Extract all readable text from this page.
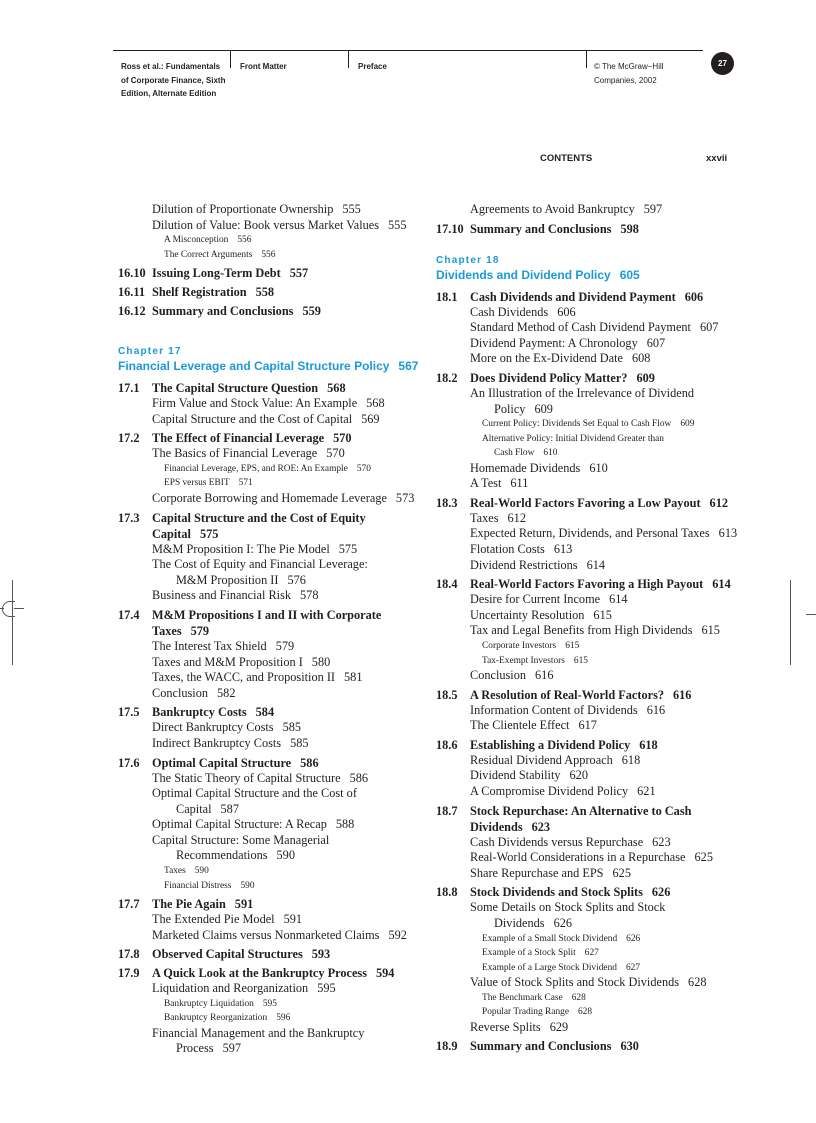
Ross et al.: Fundamentals
of Corporate Finance, Sixth
Edition, Alternate Edition
Front Matter	Preface	© The McGraw−Hill
Companies, 2002
27
CONTENTS	xxvii
Dilution of Proportionate Ownership 555
Dilution of Value: Book versus Market Values 555
A Misconception 556
The Correct Arguments 556
16.10 Issuing Long-Term Debt 557
16.11 Shelf Registration 558
16.12 Summary and Conclusions 559
Chapter 17
Financial Leverage and Capital Structure Policy 567
17.1 The Capital Structure Question 568
Firm Value and Stock Value: An Example 568
Capital Structure and the Cost of Capital 569
17.2 The Effect of Financial Leverage 570
The Basics of Financial Leverage 570
Financial Leverage, EPS, and ROE: An Example 570
EPS versus EBIT 571
Corporate Borrowing and Homemade Leverage 573
17.3 Capital Structure and the Cost of Equity
Capital 575
M&M Proposition I: The Pie Model 575
The Cost of Equity and Financial Leverage:
M&M Proposition II 576
Business and Financial Risk 578
17.4 M&M Propositions I and II with Corporate
Taxes 579
The Interest Tax Shield 579
Taxes and M&M Proposition I 580
Taxes, the WACC, and Proposition II 581
Conclusion 582
17.5 Bankruptcy Costs 584
Direct Bankruptcy Costs 585
Indirect Bankruptcy Costs 585
17.6 Optimal Capital Structure 586
The Static Theory of Capital Structure 586
Optimal Capital Structure and the Cost of
Capital 587
Optimal Capital Structure: A Recap 588
Capital Structure: Some Managerial
Recommendations 590
Taxes 590
Financial Distress 590
17.7 The Pie Again 591
The Extended Pie Model 591
Marketed Claims versus Nonmarketed Claims 592
17.8 Observed Capital Structures 593
17.9 A Quick Look at the Bankruptcy Process 594
Liquidation and Reorganization 595
Bankruptcy Liquidation 595
Bankruptcy Reorganization 596
Financial Management and the Bankruptcy
Process 597
Agreements to Avoid Bankruptcy 597
17.10 Summary and Conclusions 598
Chapter 18
Dividends and Dividend Policy 605
18.1 Cash Dividends and Dividend Payment 606
Cash Dividends 606
Standard Method of Cash Dividend Payment 607
Dividend Payment: A Chronology 607
More on the Ex-Dividend Date 608
18.2 Does Dividend Policy Matter? 609
An Illustration of the Irrelevance of Dividend
Policy 609
Current Policy: Dividends Set Equal to Cash Flow 609
Alternative Policy: Initial Dividend Greater than
Cash Flow 610
Homemade Dividends 610
A Test 611
18.3 Real-World Factors Favoring a Low Payout 612
Taxes 612
Expected Return, Dividends, and Personal Taxes 613
Flotation Costs 613
Dividend Restrictions 614
18.4 Real-World Factors Favoring a High Payout 614
Desire for Current Income 614
Uncertainty Resolution 615
Tax and Legal Benefits from High Dividends 615
Corporate Investors 615
Tax-Exempt Investors 615
Conclusion 616
18.5 A Resolution of Real-World Factors? 616
Information Content of Dividends 616
The Clientele Effect 617
18.6 Establishing a Dividend Policy 618
Residual Dividend Approach 618
Dividend Stability 620
A Compromise Dividend Policy 621
18.7 Stock Repurchase: An Alternative to Cash
Dividends 623
Cash Dividends versus Repurchase 623
Real-World Considerations in a Repurchase 625
Share Repurchase and EPS 625
18.8 Stock Dividends and Stock Splits 626
Some Details on Stock Splits and Stock
Dividends 626
Example of a Small Stock Dividend 626
Example of a Stock Split 627
Example of a Large Stock Dividend 627
Value of Stock Splits and Stock Dividends 628
The Benchmark Case 628
Popular Trading Range 628
Reverse Splits 629
18.9 Summary and Conclusions 630
